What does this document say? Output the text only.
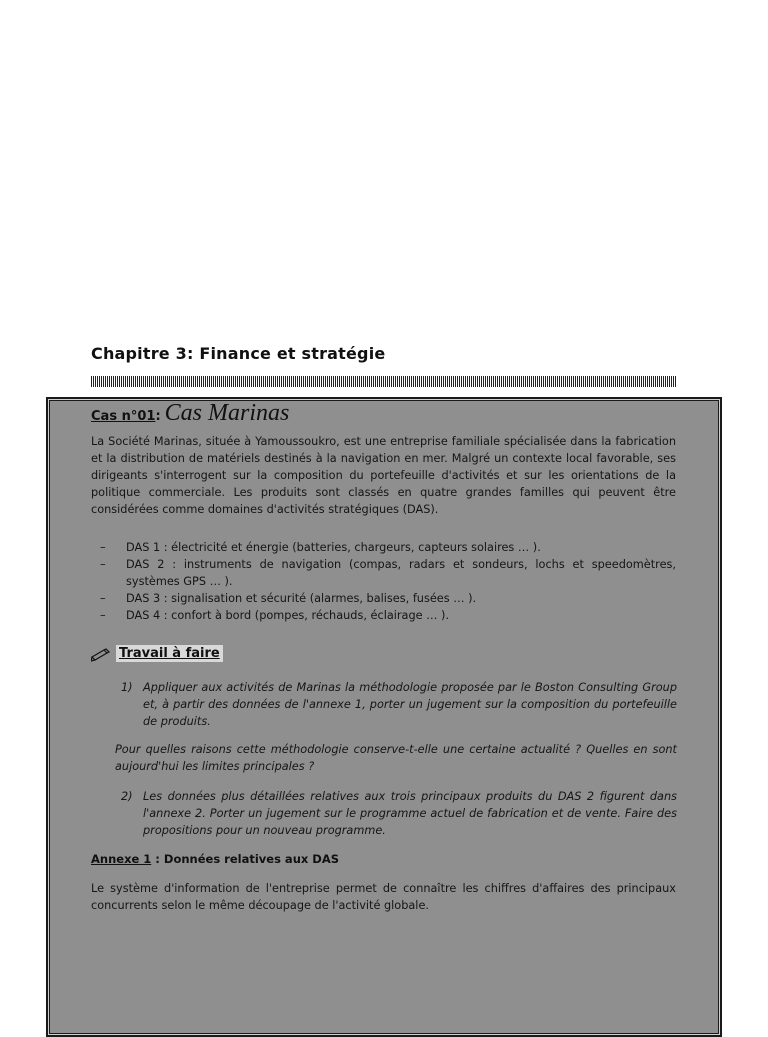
Chapitre 3: Finance et stratégie
Cas n°01 : Cas Marinas

La Société Marinas, située à Yamoussoukro, est une entreprise familiale spécialisée dans la fabrication et la distribution de matériels destinés à la navigation en mer. Malgré un contexte local favorable, ses dirigeants s'interrogent sur la composition du portefeuille d'activités et sur les orientations de la politique commerciale. Les produits sont classés en quatre grandes familles qui peuvent être considérées comme domaines d'activités stratégiques (DAS).

– DAS 1 : électricité et énergie (batteries, chargeurs, capteurs solaires … ).
– DAS 2 : instruments de navigation (compas, radars et sondeurs, lochs et speedomètres, systèmes GPS … ).
– DAS 3 : signalisation et sécurité (alarmes, balises, fusées … ).
– DAS 4 : confort à bord (pompes, réchauds, éclairage … ).
Travail à faire
1) Appliquer aux activités de Marinas la méthodologie proposée par le Boston Consulting Group et, à partir des données de l'annexe 1, porter un jugement sur la composition du portefeuille de produits.
Pour quelles raisons cette méthodologie conserve-t-elle une certaine actualité ? Quelles en sont aujourd'hui les limites principales ?
2) Les données plus détaillées relatives aux trois principaux produits du DAS 2 figurent dans l'annexe 2. Porter un jugement sur le programme actuel de fabrication et de vente. Faire des propositions pour un nouveau programme.
Annexe 1 : Données relatives aux DAS

Le système d'information de l'entreprise permet de connaître les chiffres d'affaires des principaux concurrents selon le même découpage de l'activité globale.
